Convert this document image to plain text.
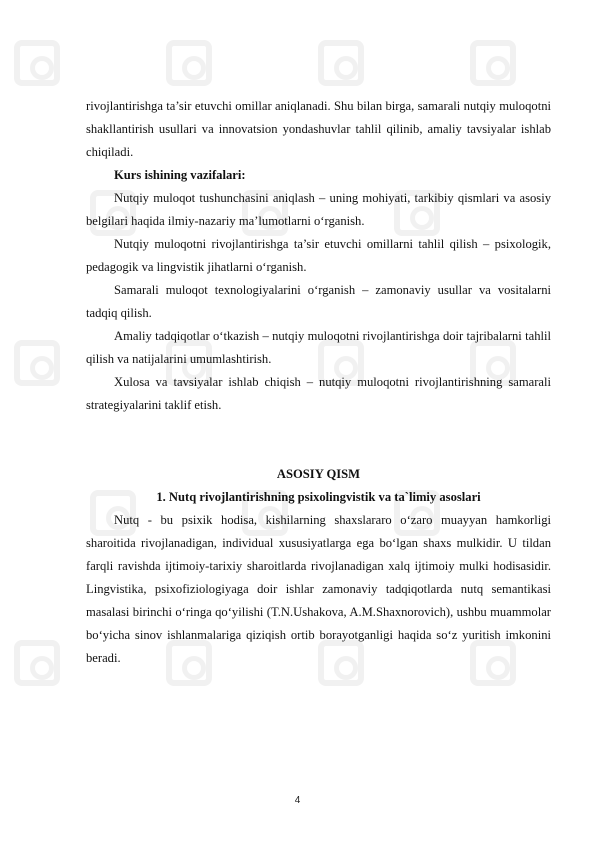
rivojlantirishga ta’sir etuvchi omillar aniqlanadi. Shu bilan birga, samarali nutqiy muloqotni shakllantirish usullari va innovatsion yondashuvlar tahlil qilinib, amaliy tavsiyalar ishlab chiqiladi.

Kurs ishining vazifalari:

Nutqiy muloqot tushunchasini aniqlash – uning mohiyati, tarkibiy qismlari va asosiy belgilari haqida ilmiy-nazariy ma’lumotlarni o‘rganish.

Nutqiy muloqotni rivojlantirishga ta’sir etuvchi omillarni tahlil qilish – psixologik, pedagogik va lingvistik jihatlarni o‘rganish.

Samarali muloqot texnologiyalarini o‘rganish – zamonaviy usullar va vositalarni tadqiq qilish.

Amaliy tadqiqotlar o‘tkazish – nutqiy muloqotni rivojlantirishga doir tajribalarni tahlil qilish va natijalarini umumlashtirish.

Xulosa va tavsiyalar ishlab chiqish – nutqiy muloqotni rivojlantirishning samarali strategiyalarini taklif etish.

ASOSIY QISM

1. Nutq rivojlantirishning psixolingvistik va ta`limiy asoslari

Nutq - bu psixik hodisa, kishilarning shaxslararo o‘zaro muayyan hamkorligi sharoitida rivojlanadigan, individual xususiyatlarga ega bo‘lgan shaxs mulkidir. U tildan farqli ravishda ijtimoiy-tarixiy sharoitlarda rivojlanadigan xalq ijtimoiy mulki hodisasidir. Lingvistika, psixofiziologiyaga doir ishlar zamonaviy tadqiqotlarda nutq semantikasi masalasi birinchi o‘ringa qo‘yilishi (T.N.Ushakova, A.M.Shaxnorovich), ushbu muammolar bo‘yicha sinov ishlanmalariga qiziqish ortib borayotganligi haqida so‘z yuritish imkonini beradi.

4
